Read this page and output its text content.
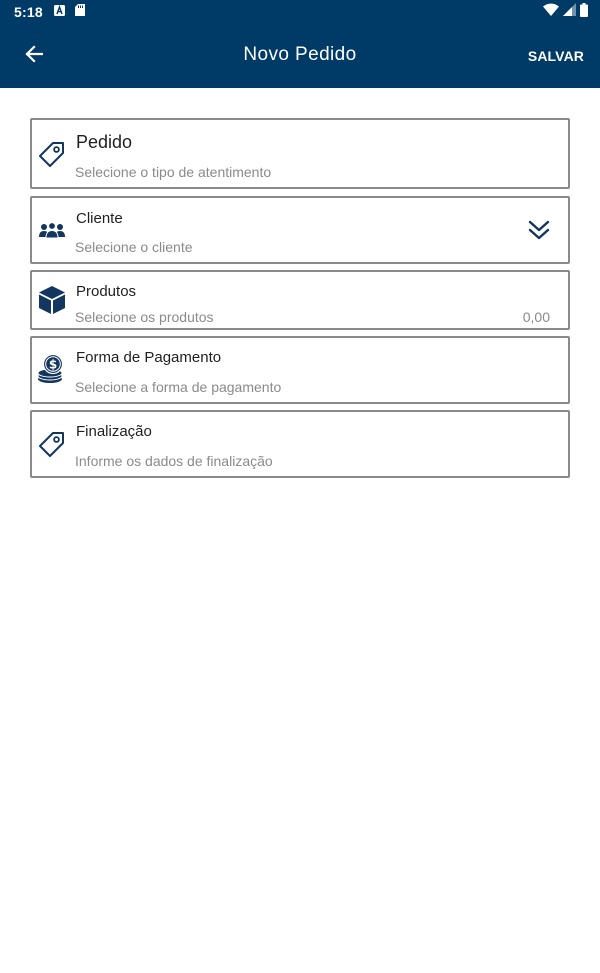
5:18
Novo Pedido	SALVAR
Pedido
Selecione o tipo de atentimento
Cliente
Selecione o cliente
Produtos
Selecione os produtos	0,00
$ Forma de Pagamento
Selecione a forma de pagamento
Finalização
Informe os dados de finalização
